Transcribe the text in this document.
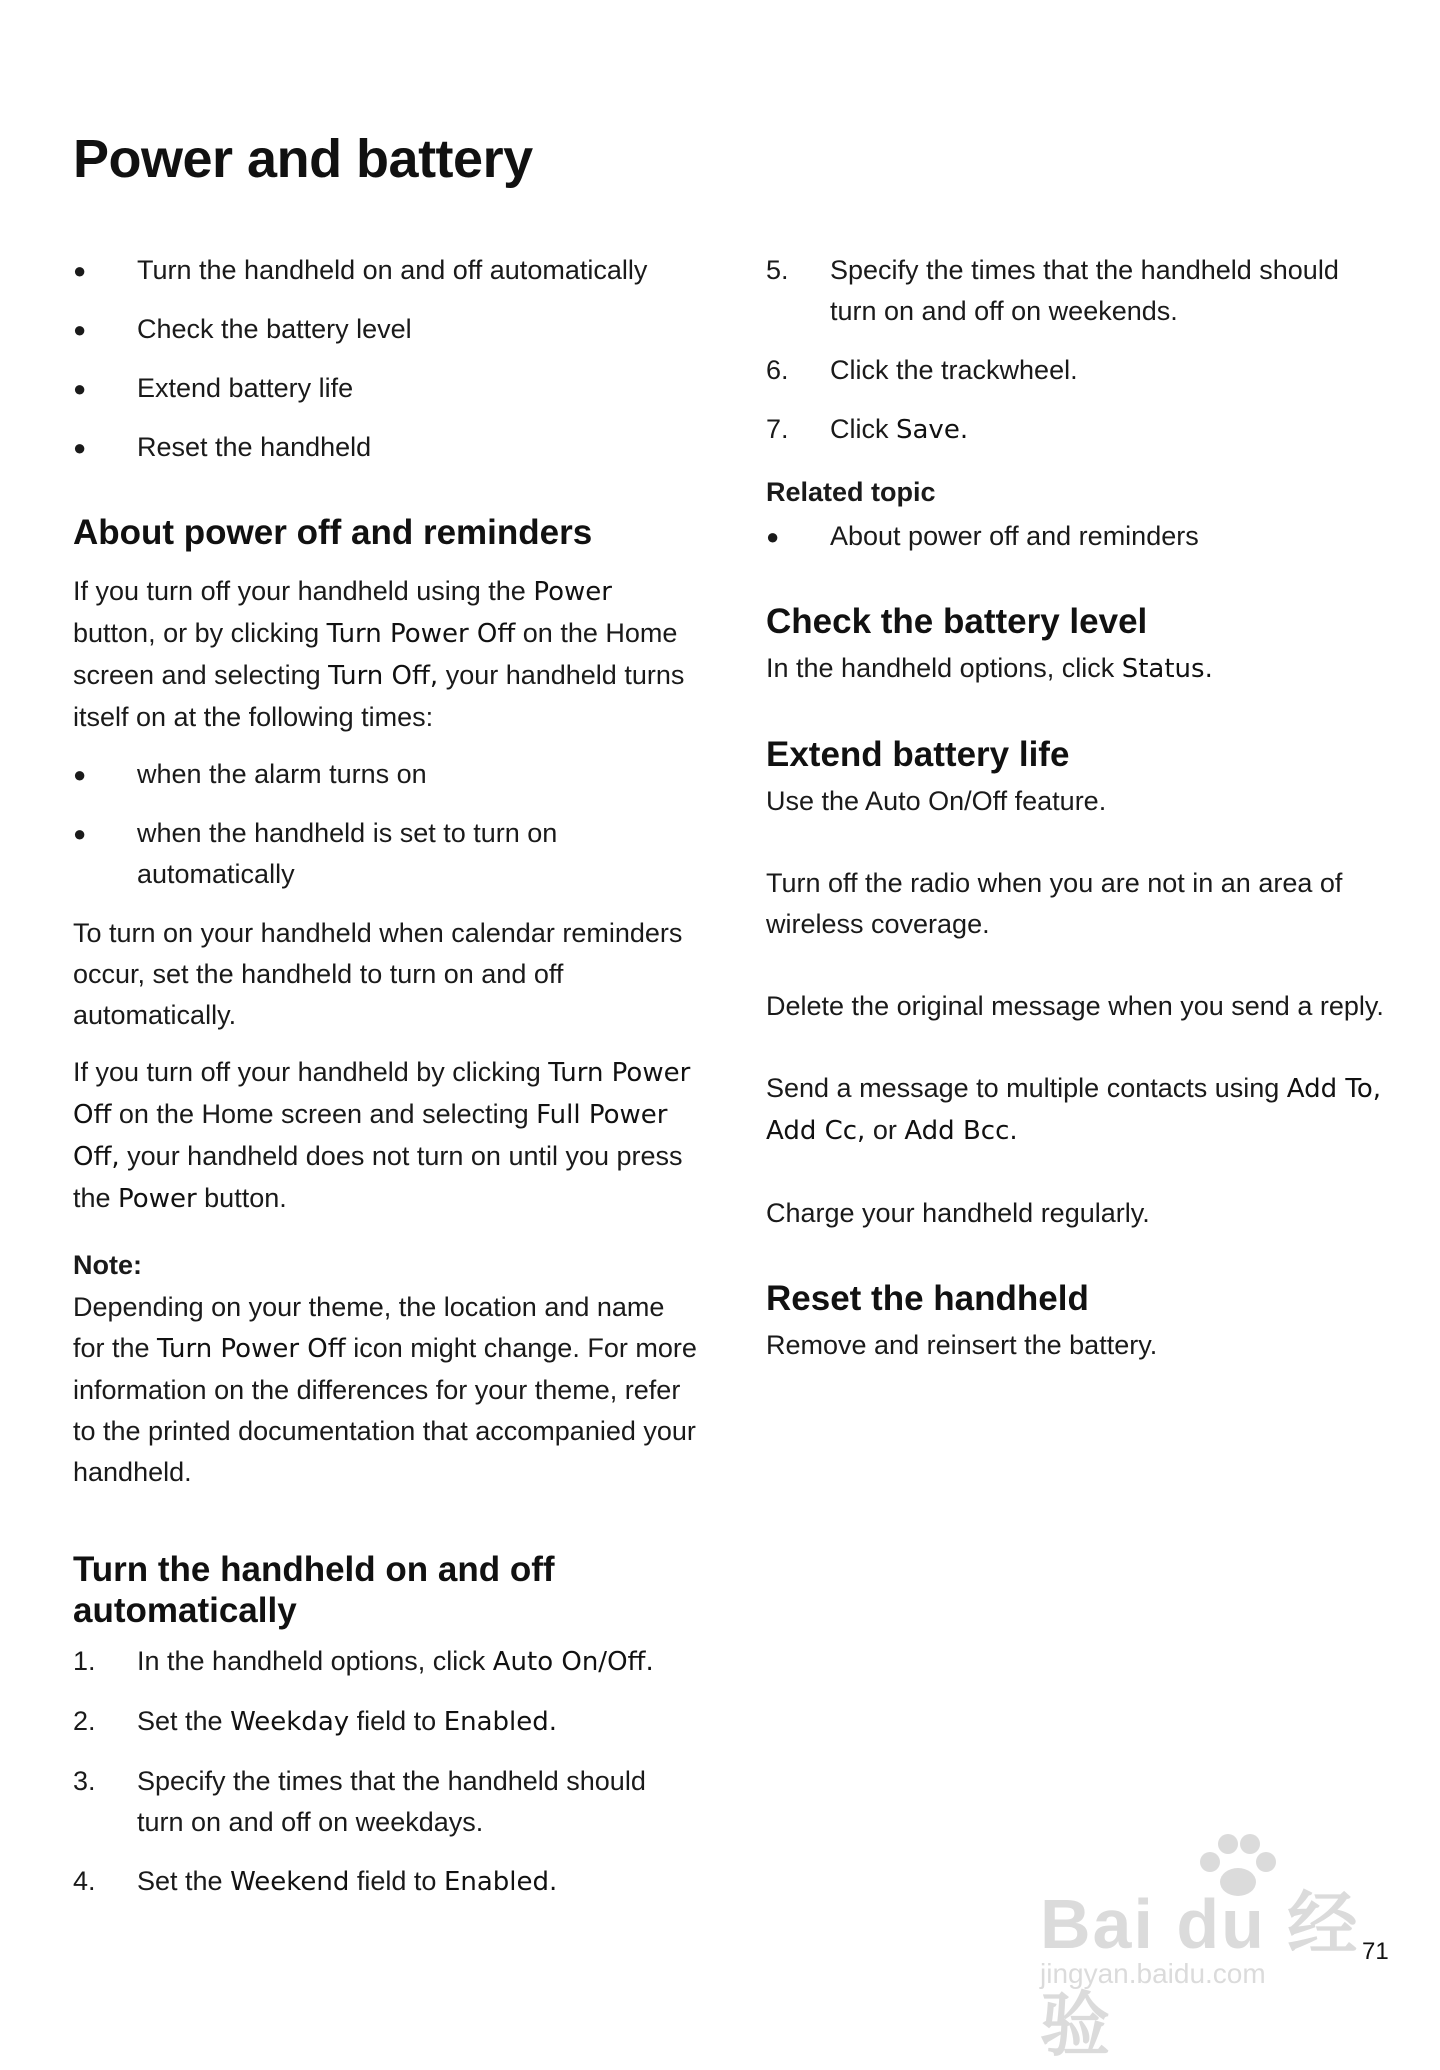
Power and battery
● Turn the handheld on and off automatically
● Check the battery level
● Extend battery life
● Reset the handheld
About power off and reminders

If you turn off your handheld using the Power button, or by clicking Turn Power Off on the Home screen and selecting Turn Off, your handheld turns itself on at the following times:

● when the alarm turns on
● when the handheld is set to turn on automatically

To turn on your handheld when calendar reminders occur, set the handheld to turn on and off automatically.

If you turn off your handheld by clicking Turn Power Off on the Home screen and selecting Full Power Off, your handheld does not turn on until you press the Power button.

Note:

Depending on your theme, the location and name for the Turn Power Off icon might change. For more information on the differences for your theme, refer to the printed documentation that accompanied your handheld.

Turn the handheld on and off automatically
1. In the handheld options, click Auto On/Off.
2. Set the Weekday field to Enabled.
3. Specify the times that the handheld should turn on and off on weekdays.
4. Set the Weekend field to Enabled.
5. Specify the times that the handheld should turn on and off on weekends.
6. Click the trackwheel.
7. Click Save.

Related topic

● About power off and reminders
Check the battery level

In the handheld options, click Status.

Extend battery life

Use the Auto On/Off feature.

Turn off the radio when you are not in an area of wireless coverage.

Delete the original message when you send a reply.

Send a message to multiple contacts using Add To, Add Cc, or Add Bcc.

Charge your handheld regularly.

Reset the handheld

Remove and reinsert the battery.

Bai du 经验
jingyan.baidu.com
71
